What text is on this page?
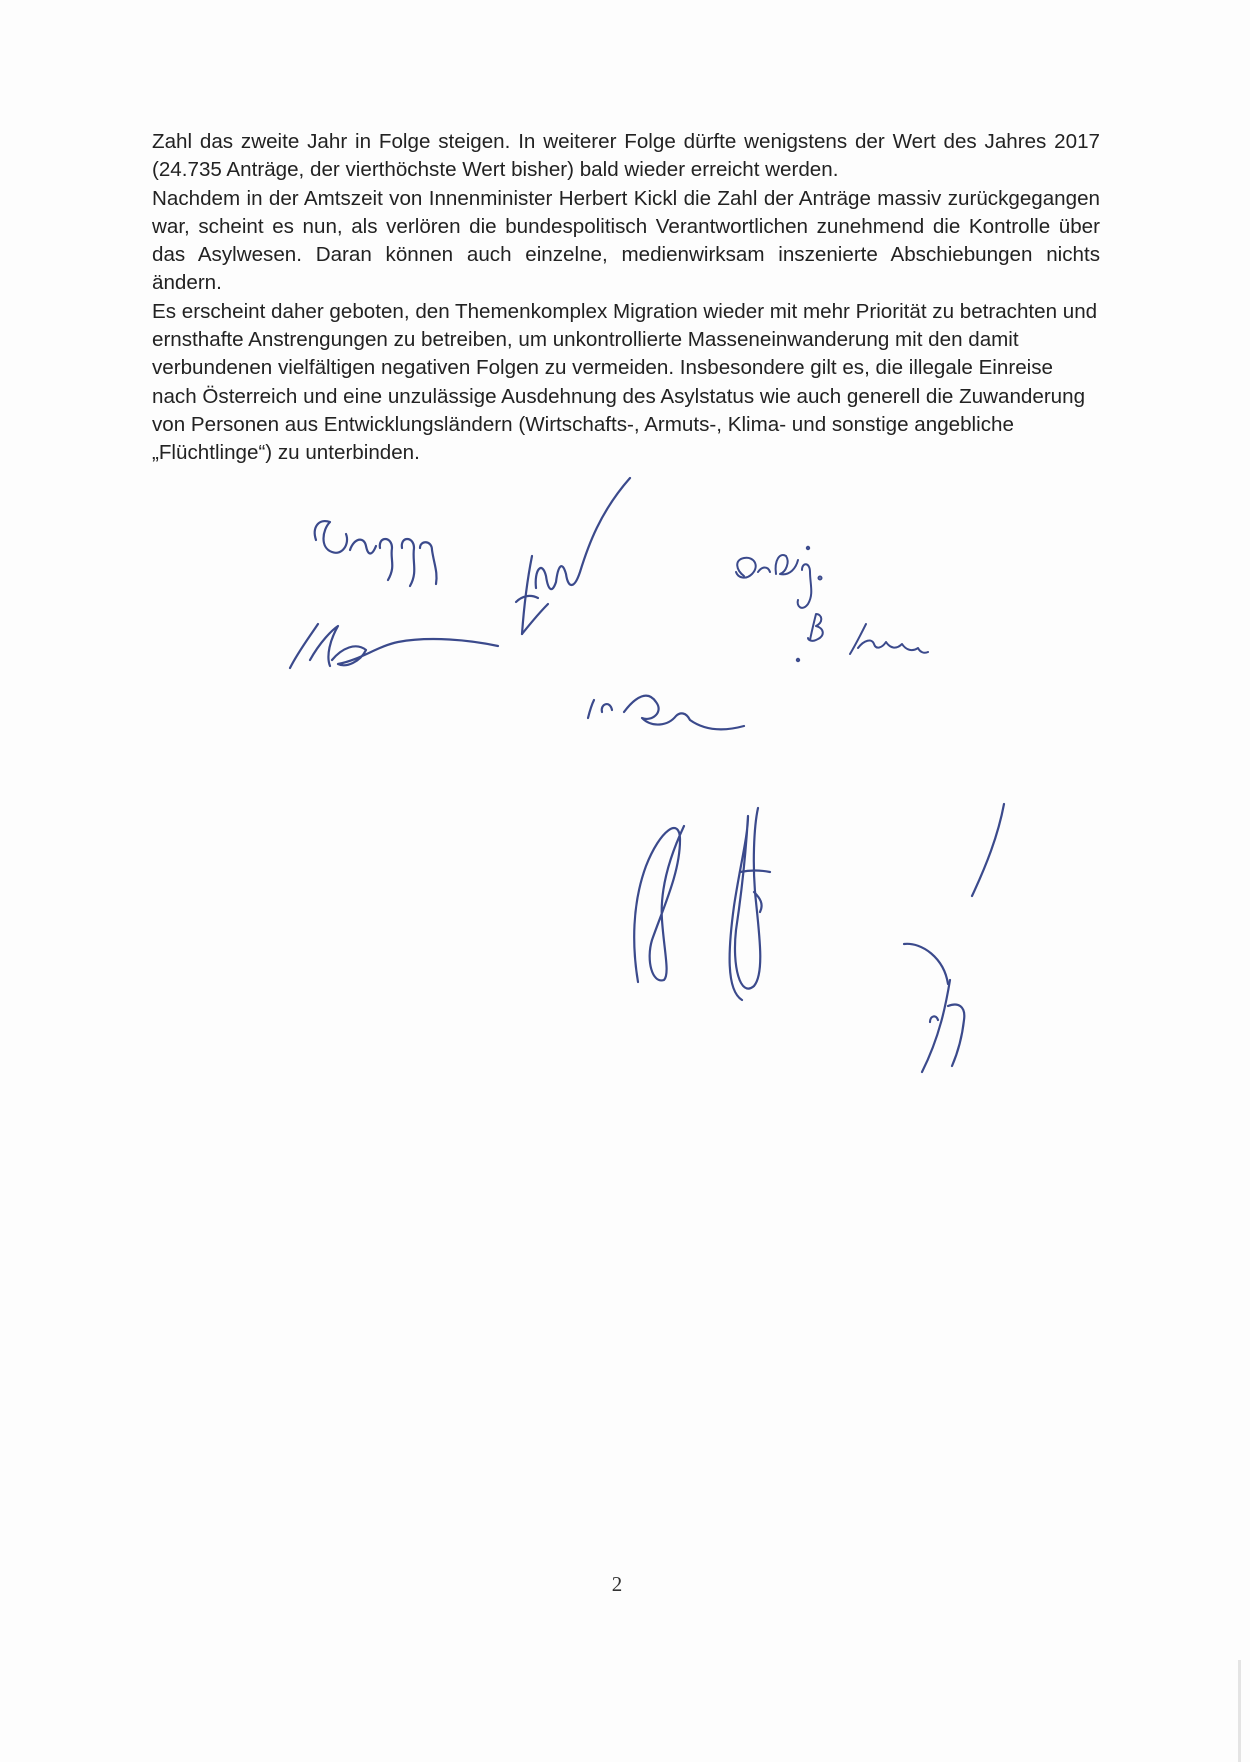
Zahl das zweite Jahr in Folge steigen. In weiterer Folge dürfte wenigstens der Wert des Jahres 2017 (24.735 Anträge, der vierthöchste Wert bisher) bald wieder erreicht werden.

Nachdem in der Amtszeit von Innenminister Herbert Kickl die Zahl der Anträge massiv zurückgegangen war, scheint es nun, als verlören die bundespolitisch Verantwortlichen zunehmend die Kontrolle über das Asylwesen. Daran können auch einzelne, medienwirksam inszenierte Abschiebungen nichts ändern.

Es erscheint daher geboten, den Themenkomplex Migration wieder mit mehr Priorität zu betrachten und ernsthafte Anstrengungen zu betreiben, um unkontrollierte Masseneinwanderung mit den damit verbundenen vielfältigen negativen Folgen zu vermeiden. Insbesondere gilt es, die illegale Einreise nach Österreich und eine unzulässige Ausdehnung des Asylstatus wie auch generell die Zuwanderung von Personen aus Entwicklungsländern (Wirtschafts-, Armuts-, Klima- und sonstige angebliche „Flüchtlinge“) zu unterbinden.

2
